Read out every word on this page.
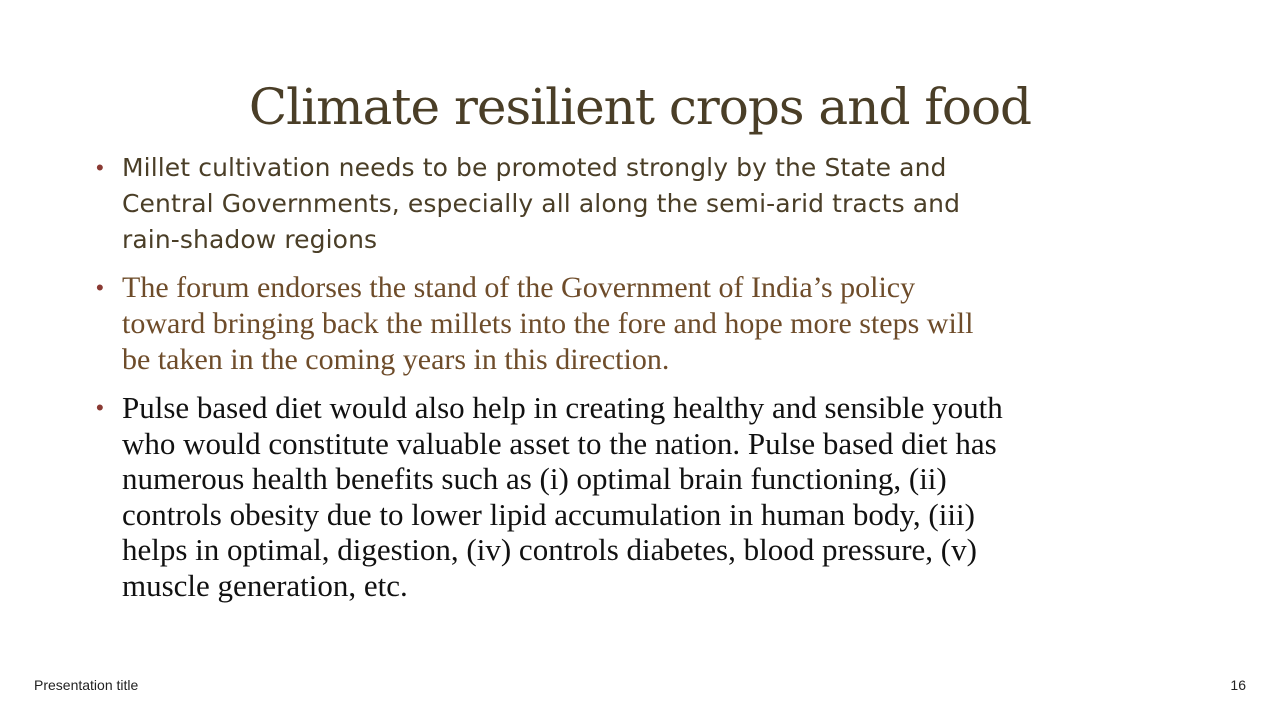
Climate resilient crops and food
• Millet cultivation needs to be promoted strongly by the State and
Central Governments, especially all along the semi-arid tracts and
rain-shadow regions
• The forum endorses the stand of the Government of India’s policy
toward bringing back the millets into the fore and hope more steps will
be taken in the coming years in this direction.
• Pulse based diet would also help in creating healthy and sensible youth
who would constitute valuable asset to the nation. Pulse based diet has
numerous health benefits such as (i) optimal brain functioning, (ii)
controls obesity due to lower lipid accumulation in human body, (iii)
helps in optimal, digestion, (iv) controls diabetes, blood pressure, (v)
muscle generation, etc.
Presentation title	16
